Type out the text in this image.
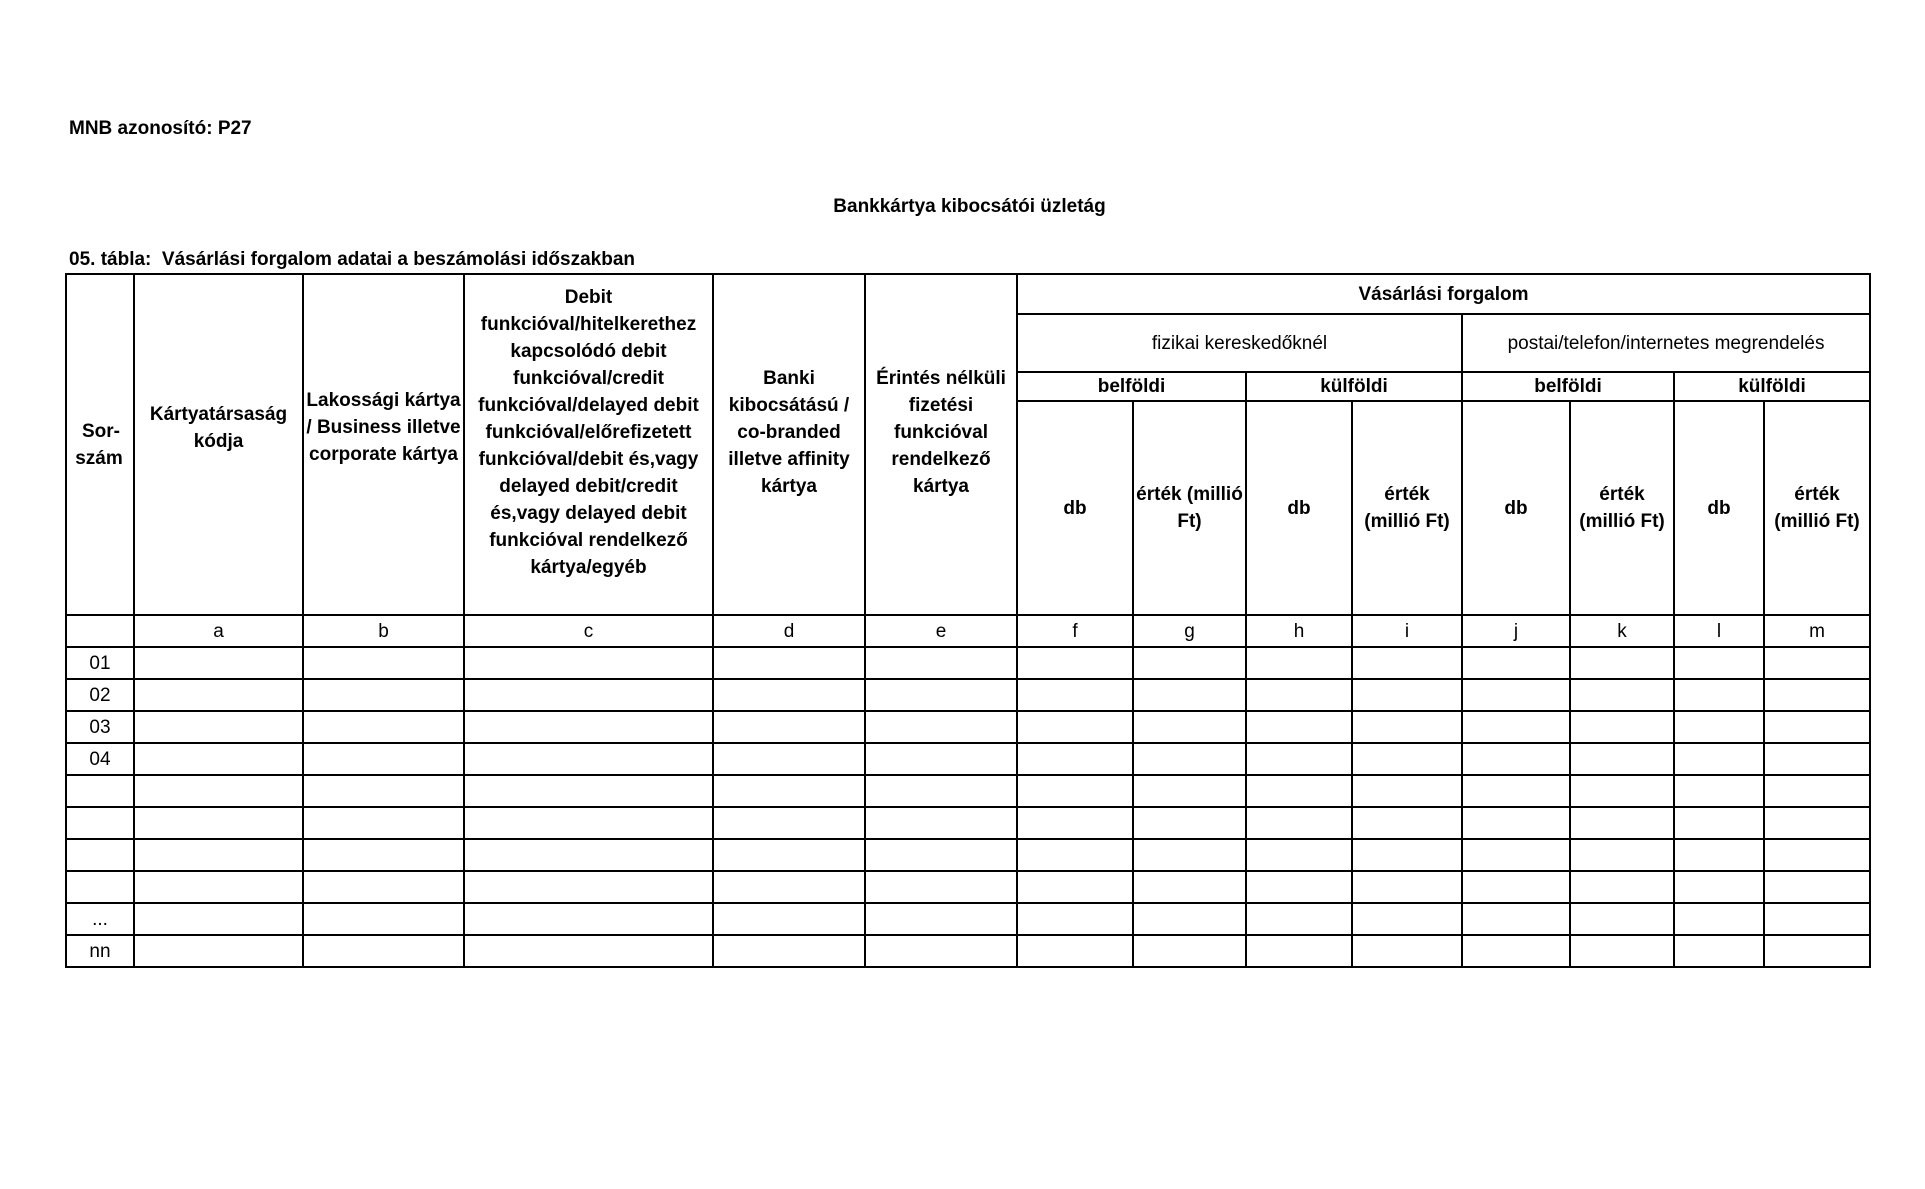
MNB azonosító: P27
Bankkártya kibocsátói üzletág
05. tábla:  Vásárlási forgalom adatai a beszámolási időszakban
Sor-
szám	Kártyatársaság kódja	Lakossági kártya / Business illetve corporate kártya	Debit funkcióval/hitelkerethez kapcsolódó debit funkcióval/credit funkcióval/delayed debit funkcióval/előrefizetett funkcióval/debit és,vagy delayed debit/credit és,vagy delayed debit funkcióval rendelkező kártya/egyéb	Banki kibocsátású / co-branded illetve affinity kártya	Érintés nélküli fizetési funkcióval rendelkező kártya	Vásárlási forgalom							
						fizikai kereskedőknél				postai/telefon/internetes megrendelés			
						belföldi		külföldi		belföldi		külföldi	
						db	érték (millió Ft)	db	érték (millió Ft)	db	érték (millió Ft)	db	érték (millió Ft)

	a	b	c	d	e	f	g	h	i	j	k	l	m
01													
02													
03													
04													

...													
nn													
